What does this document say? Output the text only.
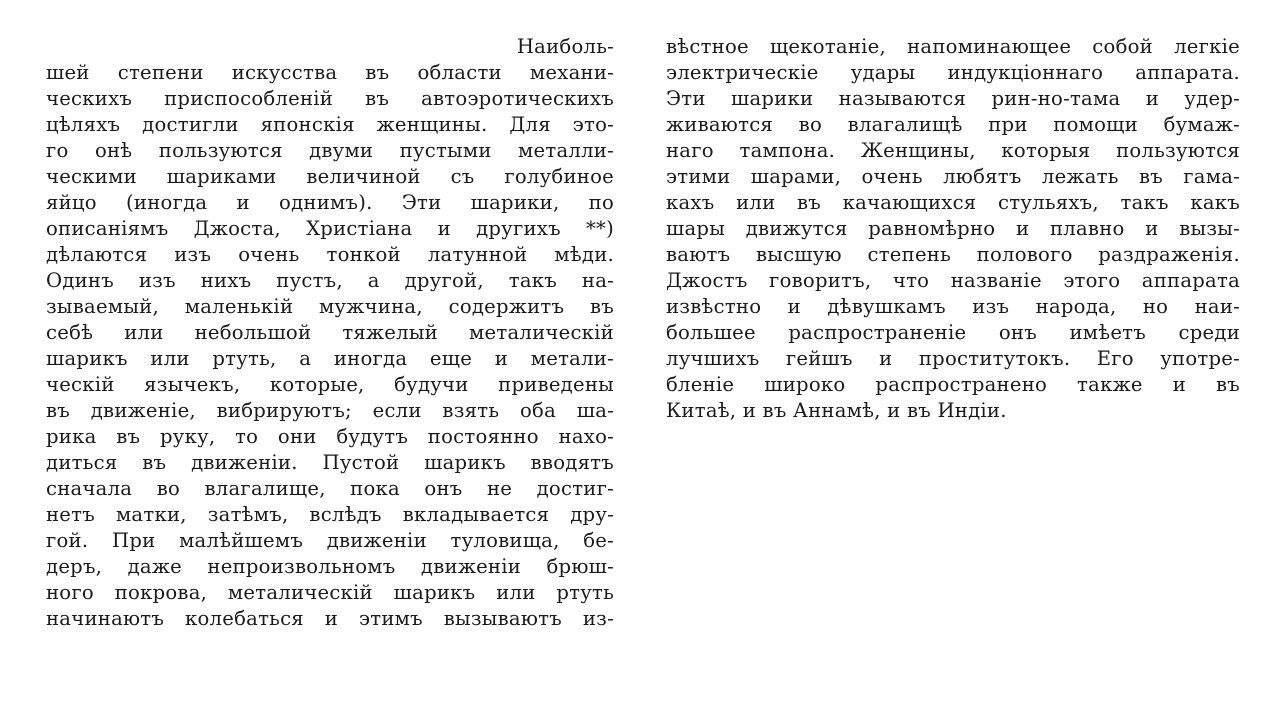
Наиболь-
шей степени искусства въ области механи-
ческихъ приспособленій въ автоэротическихъ
цѣляхъ достигли японскія женщины. Для это-
го онѣ пользуются двуми пустыми металли-
ческими шариками величиной съ голубиное
яйцо (иногда и однимъ). Эти шарики, по
описаніямъ Джоста, Христіана и другихъ **)
дѣлаются изъ очень тонкой латунной мѣди.
Одинъ изъ нихъ пустъ, а другой, такъ на-
зываемый, маленькій мужчина, содержитъ въ
себѣ или небольшой тяжелый металическій
шарикъ или ртуть, а иногда еще и метали-
ческій язычекъ, которые, будучи приведены
въ движеніе, вибрируютъ; если взять оба ша-
рика въ руку, то они будутъ постоянно нахо-
диться въ движеніи. Пустой шарикъ вводятъ
сначала во влагалище, пока онъ не достиг-
нетъ матки, затѣмъ, вслѣдъ вкладывается дру-
гой. При малѣйшемъ движеніи туловища, бе-
деръ, даже непроизвольномъ движеніи брюш-
ного покрова, металическій шарикъ или ртуть
начинаютъ колебаться и этимъ вызываютъ из-
вѣстное щекотаніе, напоминающее собой легкіе
электрическіе удары индукціоннаго аппарата.
Эти шарики называются рин-но-тама и удер-
живаются во влагалищѣ при помощи бумаж-
наго тампона. Женщины, которыя пользуются
этими шарами, очень любятъ лежать въ гама-
кахъ или въ качающихся стульяхъ, такъ какъ
шары движутся равномѣрно и плавно и вызы-
ваютъ высшую степень полового раздраженія.
Джостъ говоритъ, что названіе этого аппарата
извѣстно и дѣвушкамъ изъ народа, но наи-
большее распространеніе онъ имѣетъ среди
лучшихъ гейшъ и проститутокъ. Его употре-
бленіе широко распространено также и въ
Китаѣ, и въ Аннамѣ, и въ Индіи.
